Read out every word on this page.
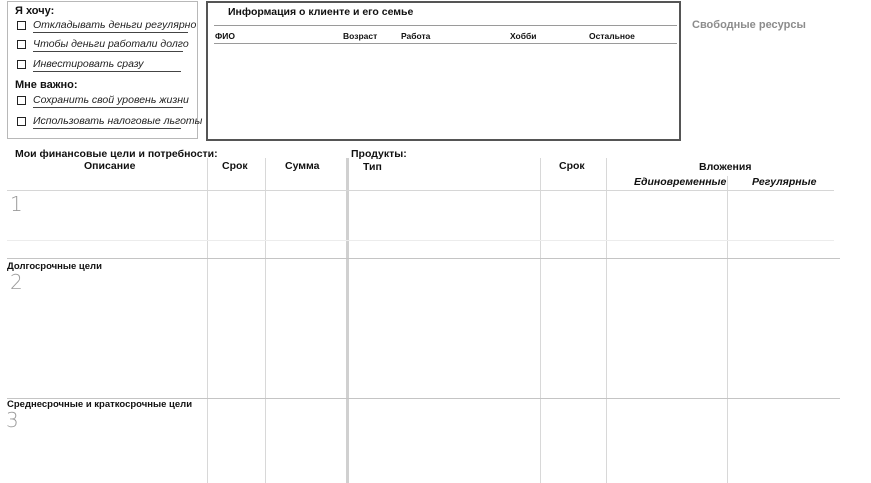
Я хочу:
Откладывать деньги регулярно
Чтобы деньги работали долго
Инвестировать сразу
Мне важно:
Сохранить свой уровень жизни
Использовать налоговые льготы
Информация о клиенте и его семье
ФИО	Возраст	Работа	Хобби	Остальное
Свободные ресурсы
Мои финансовые цели и потребности:	Продукты:
Описание	Срок	Сумма	Тип	Срок	Вложения
Единовременные Регулярные
1
Долгосрочные цели
2
Среднесрочные и краткосрочные цели
3
